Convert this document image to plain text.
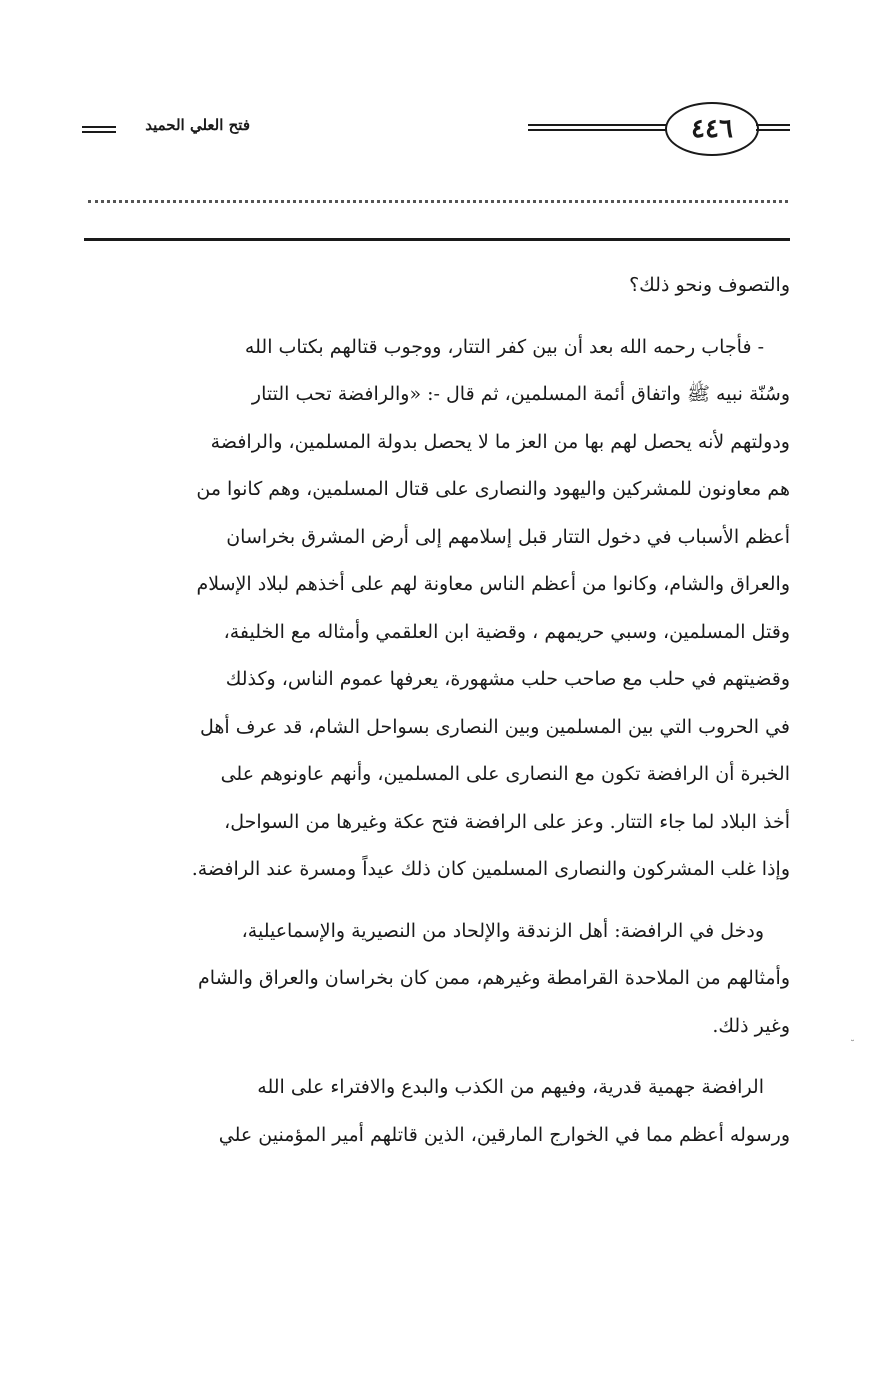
فتح العلي الحميد	٤٤٦

والتصوف ونحو ذلك؟

- فأجاب رحمه الله بعد أن بين كفر التتار، ووجوب قتالهم بكتاب الله

وسُنّة نبيه ﷺ واتفاق أئمة المسلمين، ثم قال -: «والرافضة تحب التتار

ودولتهم لأنه يحصل لهم بها من العز ما لا يحصل بدولة المسلمين، والرافضة

هم معاونون للمشركين واليهود والنصارى على قتال المسلمين، وهم كانوا من

أعظم الأسباب في دخول التتار قبل إسلامهم إلى أرض المشرق بخراسان

والعراق والشام، وكانوا من أعظم الناس معاونة لهم على أخذهم لبلاد الإسلام

وقتل المسلمين، وسبي حريمهم ، وقضية ابن العلقمي وأمثاله مع الخليفة،

وقضيتهم في حلب مع صاحب حلب مشهورة، يعرفها عموم الناس، وكذلك

في الحروب التي بين المسلمين وبين النصارى بسواحل الشام، قد عرف أهل

الخبرة أن الرافضة تكون مع النصارى على المسلمين، وأنهم عاونوهم على

أخذ البلاد لما جاء التتار. وعز على الرافضة فتح عكة وغيرها من السواحل،

وإذا غلب المشركون والنصارى المسلمين كان ذلك عيداً ومسرة عند الرافضة.

ودخل في الرافضة: أهل الزندقة والإلحاد من النصيرية والإسماعيلية،

وأمثالهم من الملاحدة القرامطة وغيرهم، ممن كان بخراسان والعراق والشام

وغير ذلك.

الرافضة جهمية قدرية، وفيهم من الكذب والبدع والافتراء على الله

ورسوله أعظم مما في الخوارج المارقين، الذين قاتلهم أمير المؤمنين علي

˘
